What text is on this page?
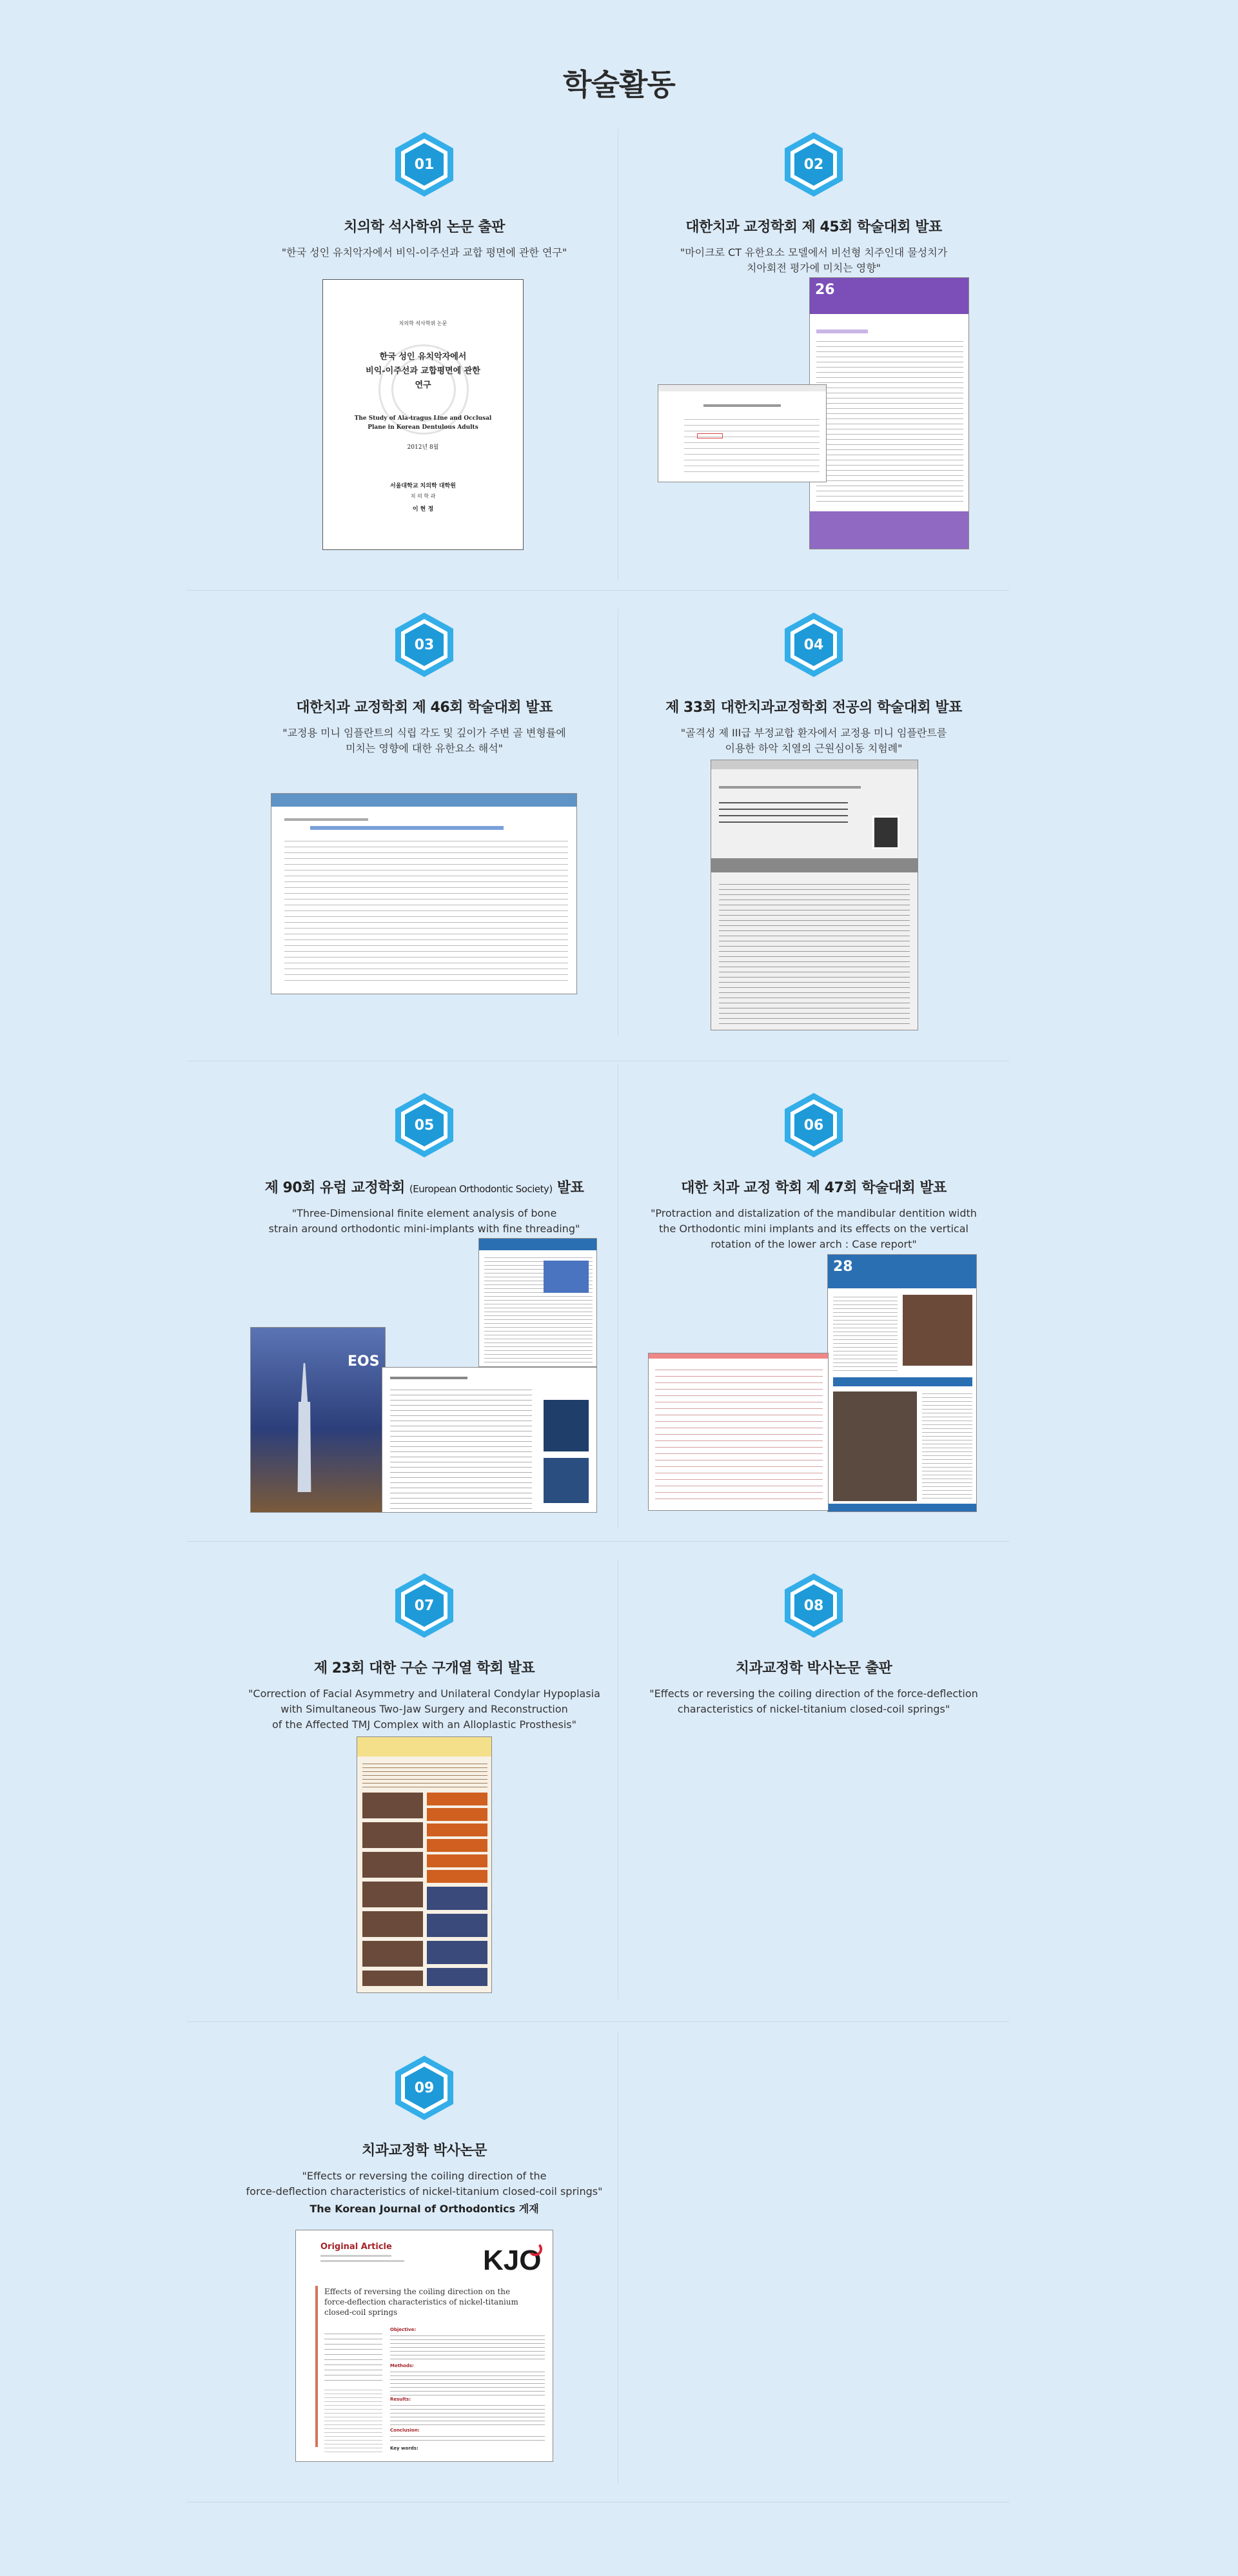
학술활동
01
치의학 석사학위 논문 출판
"한국 성인 유치악자에서 비익-이주선과 교합 평면에 관한 연구"
치의학 석사학위 논문
한국 성인 유치악자에서
비익-이주선과 교합평면에 관한
연구
The Study of Ala-tragus Line and Occlusal
Plane in Korean Dentulous Adults
2012년 8월
서울대학교 치의학 대학원
치 의 학 과
이 현 정
02
대한치과 교정학회 제 45회 학술대회 발표
"마이크로 CT 유한요소 모델에서 비선형 치주인대 물성치가
치아회전 평가에 미치는 영향"
26
03
대한치과 교정학회 제 46회 학술대회 발표
"교정용 미니 임플란트의 식립 각도 및 깊이가 주변 골 변형률에
미치는 영향에 대한 유한요소 해석"
04
제 33회 대한치과교정학회 전공의 학술대회 발표
"골격성 제 III급 부정교합 환자에서 교정용 미니 임플란트를
이용한 하악 치열의 근원심이동 치험례"
05
제 90회 유럽 교정학회 (European Orthodontic Society) 발표
"Three-Dimensional finite element analysis of bone
strain around orthodontic mini-implants with fine threading"
EOS
06
대한 치과 교정 학회 제 47회 학술대회 발표
"Protraction and distalization of the mandibular dentition width
the Orthodontic mini implants and its effects on the vertical
rotation of the lower arch : Case report"
28
07
제 23회 대한 구순 구개열 학회 발표
"Correction of Facial Asymmetry and Unilateral Condylar Hypoplasia
with Simultaneous Two-Jaw Surgery and Reconstruction
of the Affected TMJ Complex with an Alloplastic Prosthesis"
08
치과교정학 박사논문 출판
"Effects or reversing the coiling direction of the force-deflection
characteristics of nickel-titanium closed-coil springs"
09
치과교정학 박사논문
"Effects or reversing the coiling direction of the
force-deflection characteristics of nickel-titanium closed-coil springs"
The Korean Journal of Orthodontics 게재
Original Article	KJO
Effects of reversing the coiling direction on the
force-deflection characteristics of nickel-titanium
closed-coil springs
Objective:
Methods:
Results:
Conclusion:
Key words:
